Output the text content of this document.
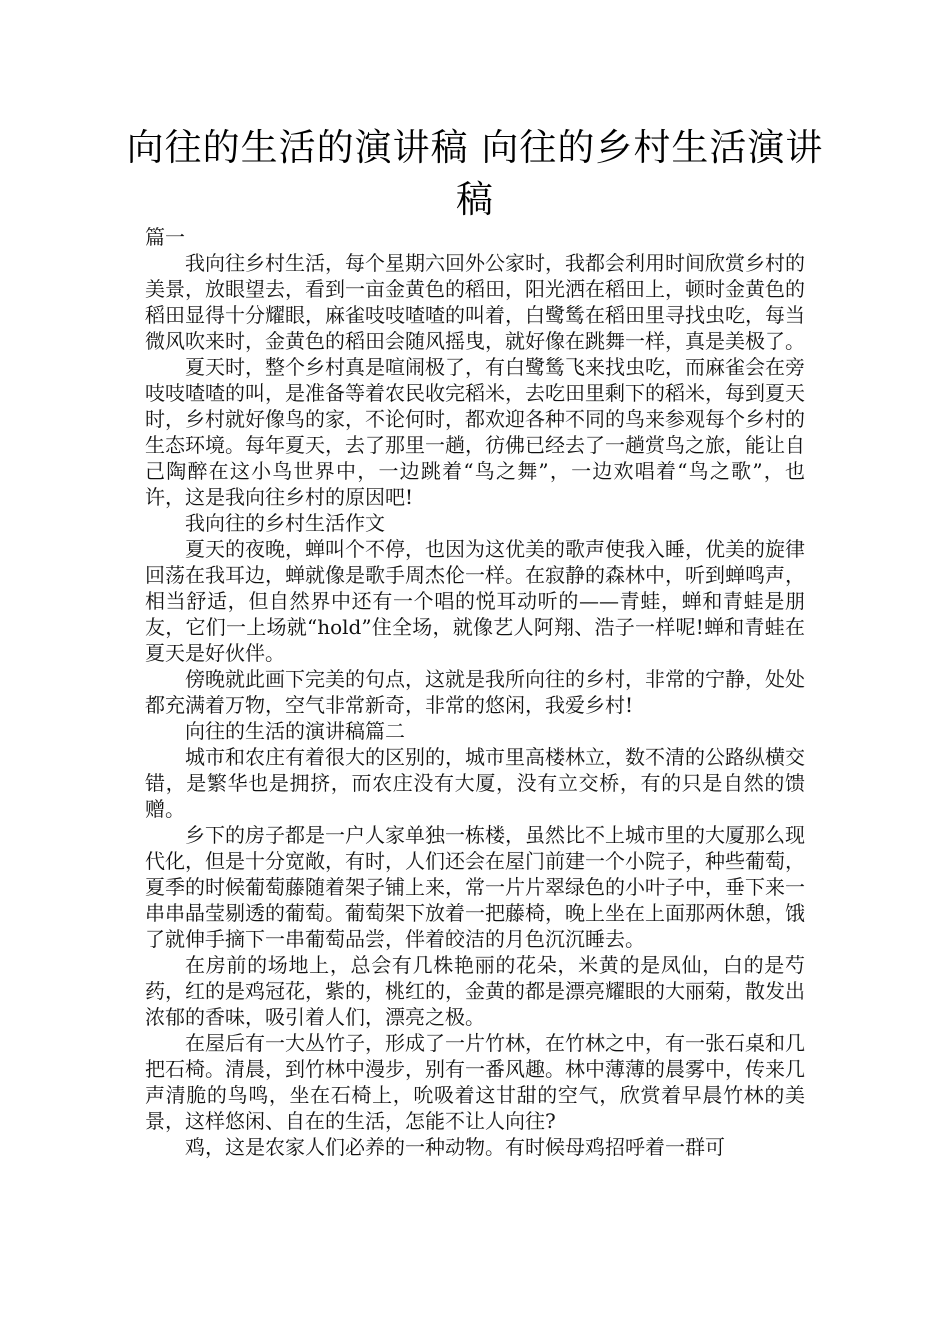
向往的生活的演讲稿 向往的乡村生活演讲稿

篇一

我向往乡村生活，每个星期六回外公家时，我都会利用时间欣赏乡村的美景，放眼望去，看到一亩金黄色的稻田，阳光洒在稻田上，顿时金黄色的稻田显得十分耀眼，麻雀吱吱喳喳的叫着，白鹭鸶在稻田里寻找虫吃，每当微风吹来时，金黄色的稻田会随风摇曳，就好像在跳舞一样，真是美极了。

夏天时，整个乡村真是喧闹极了，有白鹭鸶飞来找虫吃，而麻雀会在旁吱吱喳喳的叫，是准备等着农民收完稻米，去吃田里剩下的稻米，每到夏天时，乡村就好像鸟的家，不论何时，都欢迎各种不同的鸟来参观每个乡村的生态环境。每年夏天，去了那里一趟，彷佛已经去了一趟赏鸟之旅，能让自己陶醉在这小鸟世界中，一边跳着“鸟之舞”，一边欢唱着“鸟之歌”，也许，这是我向往乡村的原因吧!

我向往的乡村生活作文

夏天的夜晚，蝉叫个不停，也因为这优美的歌声使我入睡，优美的旋律回荡在我耳边，蝉就像是歌手周杰伦一样。在寂静的森林中，听到蝉鸣声，相当舒适，但自然界中还有一个唱的悦耳动听的——青蛙，蝉和青蛙是朋友，它们一上场就“hold”住全场，就像艺人阿翔、浩子一样呢!蝉和青蛙在夏天是好伙伴。

傍晚就此画下完美的句点，这就是我所向往的乡村，非常的宁静，处处都充满着万物，空气非常新奇，非常的悠闲，我爱乡村!

向往的生活的演讲稿篇二

城市和农庄有着很大的区别的，城市里高楼林立，数不清的公路纵横交错，是繁华也是拥挤，而农庄没有大厦，没有立交桥，有的只是自然的馈赠。

乡下的房子都是一户人家单独一栋楼，虽然比不上城市里的大厦那么现代化，但是十分宽敞，有时，人们还会在屋门前建一个小院子，种些葡萄，夏季的时候葡萄藤随着架子铺上来，常一片片翠绿色的小叶子中，垂下来一串串晶莹剔透的葡萄。葡萄架下放着一把藤椅，晚上坐在上面那两休憩，饿了就伸手摘下一串葡萄品尝，伴着皎洁的月色沉沉睡去。

在房前的场地上，总会有几株艳丽的花朵，米黄的是凤仙，白的是芍药，红的是鸡冠花，紫的，桃红的，金黄的都是漂亮耀眼的大丽菊，散发出浓郁的香味，吸引着人们，漂亮之极。

在屋后有一大丛竹子，形成了一片竹林，在竹林之中，有一张石桌和几把石椅。清晨，到竹林中漫步，别有一番风趣。林中薄薄的晨雾中，传来几声清脆的鸟鸣，坐在石椅上，吮吸着这甘甜的空气，欣赏着早晨竹林的美景，这样悠闲、自在的生活，怎能不让人向往?

鸡，这是农家人们必养的一种动物。有时候母鸡招呼着一群可
